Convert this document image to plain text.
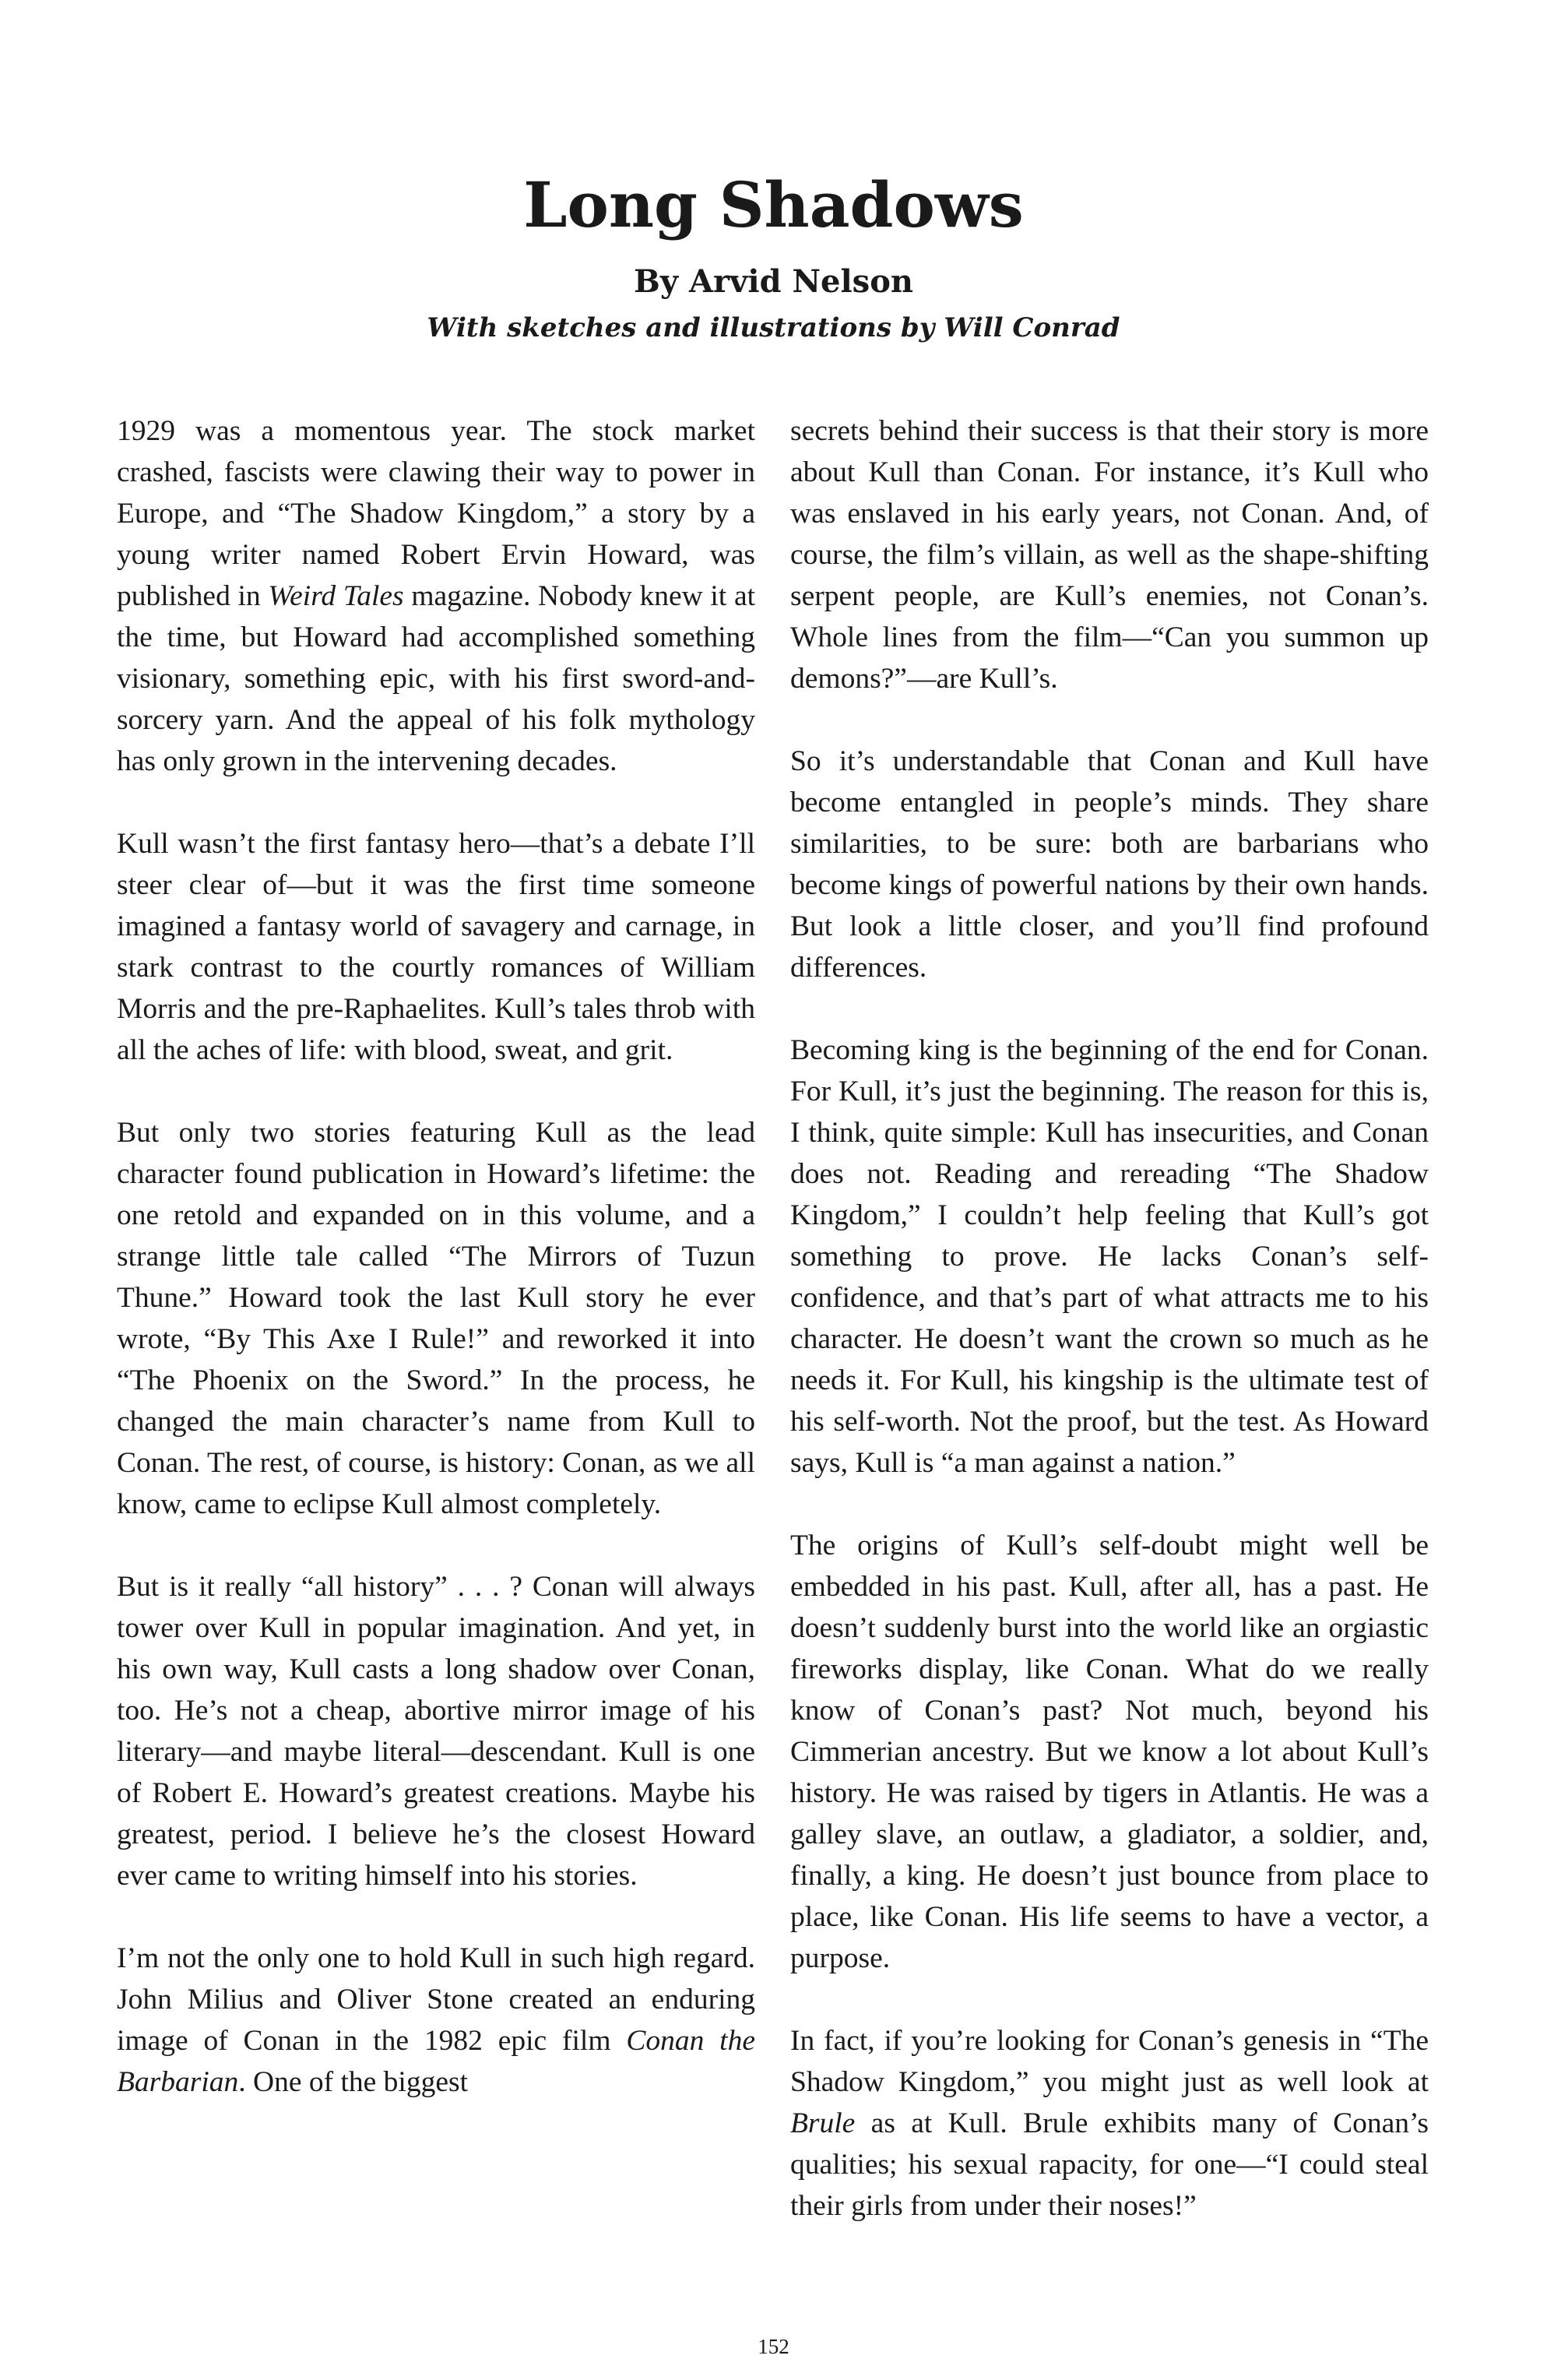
Long Shadows
By Arvid Nelson
With sketches and illustrations by Will Conrad

1929 was a momentous year. The stock market crashed, fascists were clawing their way to power in Europe, and “The Shadow Kingdom,” a story by a young writer named Robert Ervin Howard, was published in Weird Tales magazine. Nobody knew it at the time, but Howard had accomplished something visionary, something epic, with his first sword-and-sorcery yarn. And the appeal of his folk mythology has only grown in the intervening decades.

Kull wasn’t the first fantasy hero—that’s a debate I’ll steer clear of—but it was the first time someone imagined a fantasy world of savagery and carnage, in stark contrast to the courtly romances of William Morris and the pre-Raphaelites. Kull’s tales throb with all the aches of life: with blood, sweat, and grit.

But only two stories featuring Kull as the lead character found publication in Howard’s lifetime: the one retold and expanded on in this volume, and a strange little tale called “The Mirrors of Tuzun Thune.” Howard took the last Kull story he ever wrote, “By This Axe I Rule!” and reworked it into “The Phoenix on the Sword.” In the process, he changed the main character’s name from Kull to Conan. The rest, of course, is history: Conan, as we all know, came to eclipse Kull almost completely.

But is it really “all history” . . . ? Conan will always tower over Kull in popular imagination. And yet, in his own way, Kull casts a long shadow over Conan, too. He’s not a cheap, abortive mirror image of his literary—and maybe literal—descendant. Kull is one of Robert E. Howard’s greatest creations. Maybe his greatest, period. I believe he’s the closest Howard ever came to writing himself into his stories.

I’m not the only one to hold Kull in such high regard. John Milius and Oliver Stone created an enduring image of Conan in the 1982 epic film Conan the Barbarian. One of the biggest

secrets behind their success is that their story is more about Kull than Conan. For instance, it’s Kull who was enslaved in his early years, not Conan. And, of course, the film’s villain, as well as the shape-shifting serpent people, are Kull’s enemies, not Conan’s. Whole lines from the film—“Can you summon up demons?”—are Kull’s.

So it’s understandable that Conan and Kull have become entangled in people’s minds. They share similarities, to be sure: both are barbarians who become kings of powerful nations by their own hands. But look a little closer, and you’ll find profound differences.

Becoming king is the beginning of the end for Conan. For Kull, it’s just the beginning. The reason for this is, I think, quite simple: Kull has insecurities, and Conan does not. Reading and rereading “The Shadow Kingdom,” I couldn’t help feeling that Kull’s got something to prove. He lacks Conan’s self-confidence, and that’s part of what attracts me to his character. He doesn’t want the crown so much as he needs it. For Kull, his kingship is the ultimate test of his self-worth. Not the proof, but the test. As Howard says, Kull is “a man against a nation.”

The origins of Kull’s self-doubt might well be embedded in his past. Kull, after all, has a past. He doesn’t suddenly burst into the world like an orgiastic fireworks display, like Conan. What do we really know of Conan’s past? Not much, beyond his Cimmerian ancestry. But we know a lot about Kull’s history. He was raised by tigers in Atlantis. He was a galley slave, an outlaw, a gladiator, a soldier, and, finally, a king. He doesn’t just bounce from place to place, like Conan. His life seems to have a vector, a purpose.

In fact, if you’re looking for Conan’s genesis in “The Shadow Kingdom,” you might just as well look at Brule as at Kull. Brule exhibits many of Conan’s qualities; his sexual rapacity, for one—“I could steal their girls from under their noses!”

152
